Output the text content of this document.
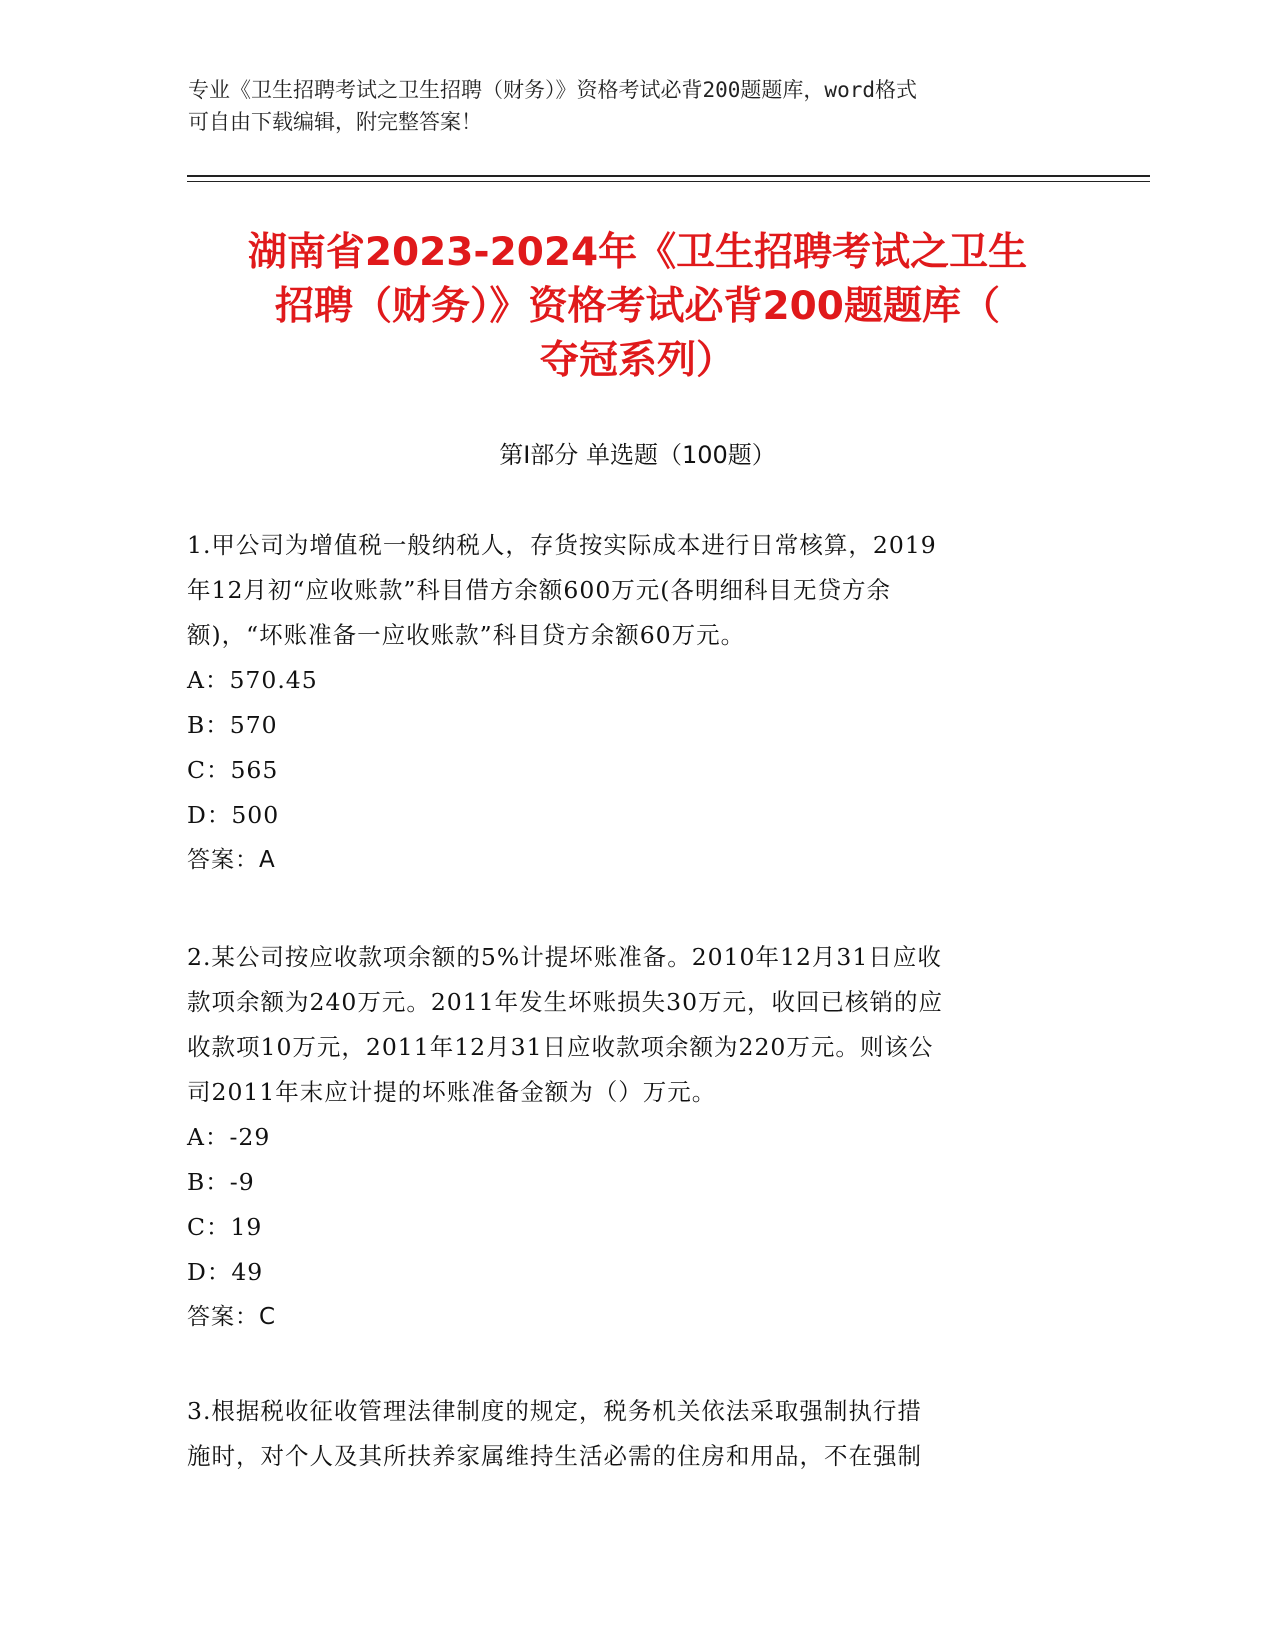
专业《卫生招聘考试之卫生招聘（财务）》资格考试必背200题题库，word格式
可自由下载编辑，附完整答案！
湖南省2023-2024年《卫生招聘考试之卫生
招聘（财务）》资格考试必背200题题库（
夺冠系列）
第Ⅰ部分 单选题（100题）
1.甲公司为增值税一般纳税人，存货按实际成本进行日常核算，2019
年12月初“应收账款”科目借方余额600万元(各明细科目无贷方余
额)，“坏账准备一应收账款”科目贷方余额60万元。
A：570.45
B：570
C：565
D：500
答案：A
2.某公司按应收款项余额的5%计提坏账准备。2010年12月31日应收
款项余额为240万元。2011年发生坏账损失30万元，收回已核销的应
收款项10万元，2011年12月31日应收款项余额为220万元。则该公
司2011年末应计提的坏账准备金额为（）万元。
A：-29
B：-9
C：19
D：49
答案：C
3.根据税收征收管理法律制度的规定，税务机关依法采取强制执行措
施时，对个人及其所扶养家属维持生活必需的住房和用品，不在强制
